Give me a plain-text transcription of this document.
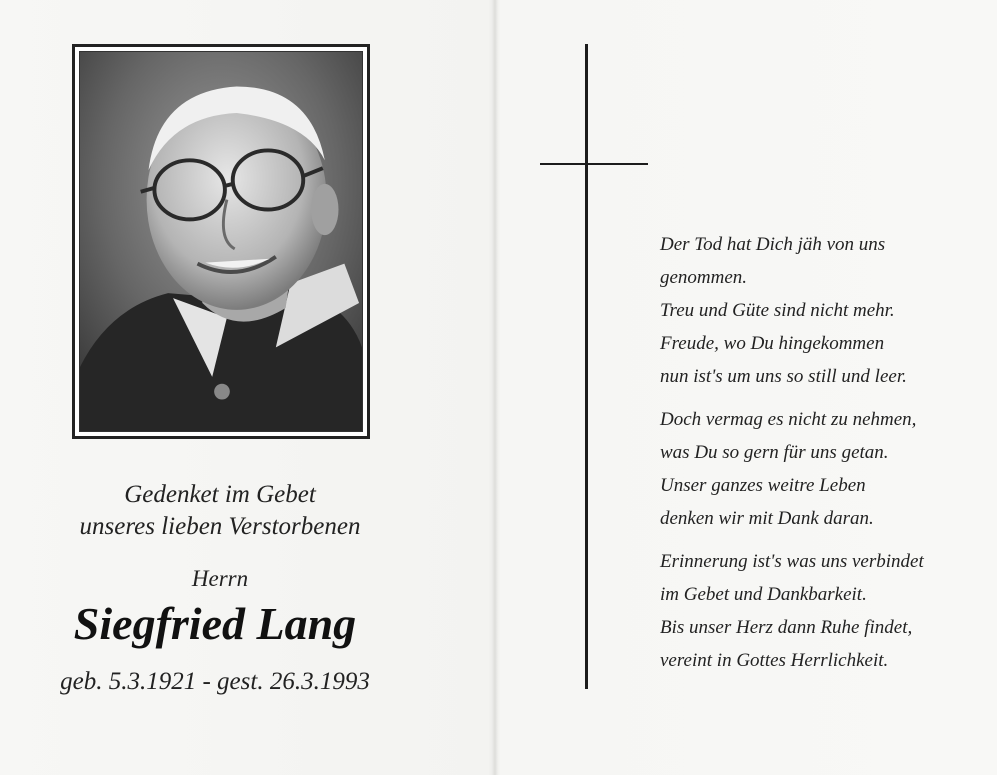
Gedenket im Gebet
unseres lieben Verstorbenen
Herrn
Siegfried Lang
geb. 5.3.1921 - gest. 26.3.1993
Der Tod hat Dich jäh von uns
genommen.
Treu und Güte sind nicht mehr.
Freude, wo Du hingekommen
nun ist's um uns so still und leer.
Doch vermag es nicht zu nehmen,
was Du so gern für uns getan.
Unser ganzes weitre Leben
denken wir mit Dank daran.
Erinnerung ist's was uns verbindet
im Gebet und Dankbarkeit.
Bis unser Herz dann Ruhe findet,
vereint in Gottes Herrlichkeit.
